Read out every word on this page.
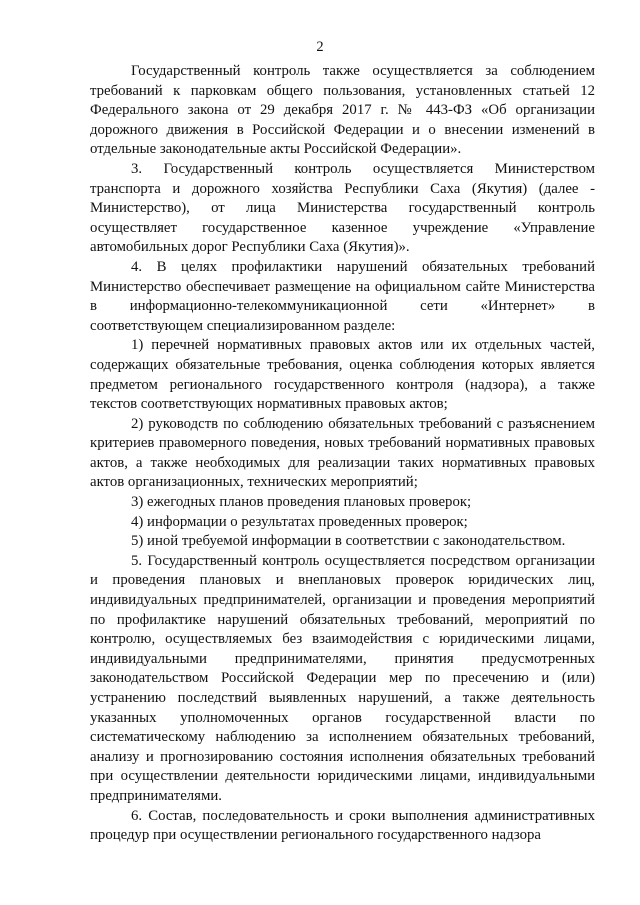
2

Государственный контроль также осуществляется за соблюдением требований к парковкам общего пользования, установленных статьей 12 Федерального закона от 29 декабря 2017 г. № 443-ФЗ «Об организации дорожного движения в Российской Федерации и о внесении изменений в отдельные законодательные акты Российской Федерации».

3. Государственный контроль осуществляется Министерством транспорта и дорожного хозяйства Республики Саха (Якутия) (далее - Министерство), от лица Министерства государственный контроль осуществляет государственное казенное учреждение «Управление автомобильных дорог Республики Саха (Якутия)».

4. В целях профилактики нарушений обязательных требований Министерство обеспечивает размещение на официальном сайте Министерства в информационно-телекоммуникационной сети «Интернет» в соответствующем специализированном разделе:

1) перечней нормативных правовых актов или их отдельных частей, содержащих обязательные требования, оценка соблюдения которых является предметом регионального государственного контроля (надзора), а также текстов соответствующих нормативных правовых актов;

2) руководств по соблюдению обязательных требований с разъяснением критериев правомерного поведения, новых требований нормативных правовых актов, а также необходимых для реализации таких нормативных правовых актов организационных, технических мероприятий;

3) ежегодных планов проведения плановых проверок;

4) информации о результатах проведенных проверок;

5) иной требуемой информации в соответствии с законодательством.

5. Государственный контроль осуществляется посредством организации и проведения плановых и внеплановых проверок юридических лиц, индивидуальных предпринимателей, организации и проведения мероприятий по профилактике нарушений обязательных требований, мероприятий по контролю, осуществляемых без взаимодействия с юридическими лицами, индивидуальными предпринимателями, принятия предусмотренных законодательством Российской Федерации мер по пресечению и (или) устранению последствий выявленных нарушений, а также деятельность указанных уполномоченных органов государственной власти по систематическому наблюдению за исполнением обязательных требований, анализу и прогнозированию состояния исполнения обязательных требований при осуществлении деятельности юридическими лицами, индивидуальными предпринимателями.

6. Состав, последовательность и сроки выполнения административных процедур при осуществлении регионального государственного надзора
